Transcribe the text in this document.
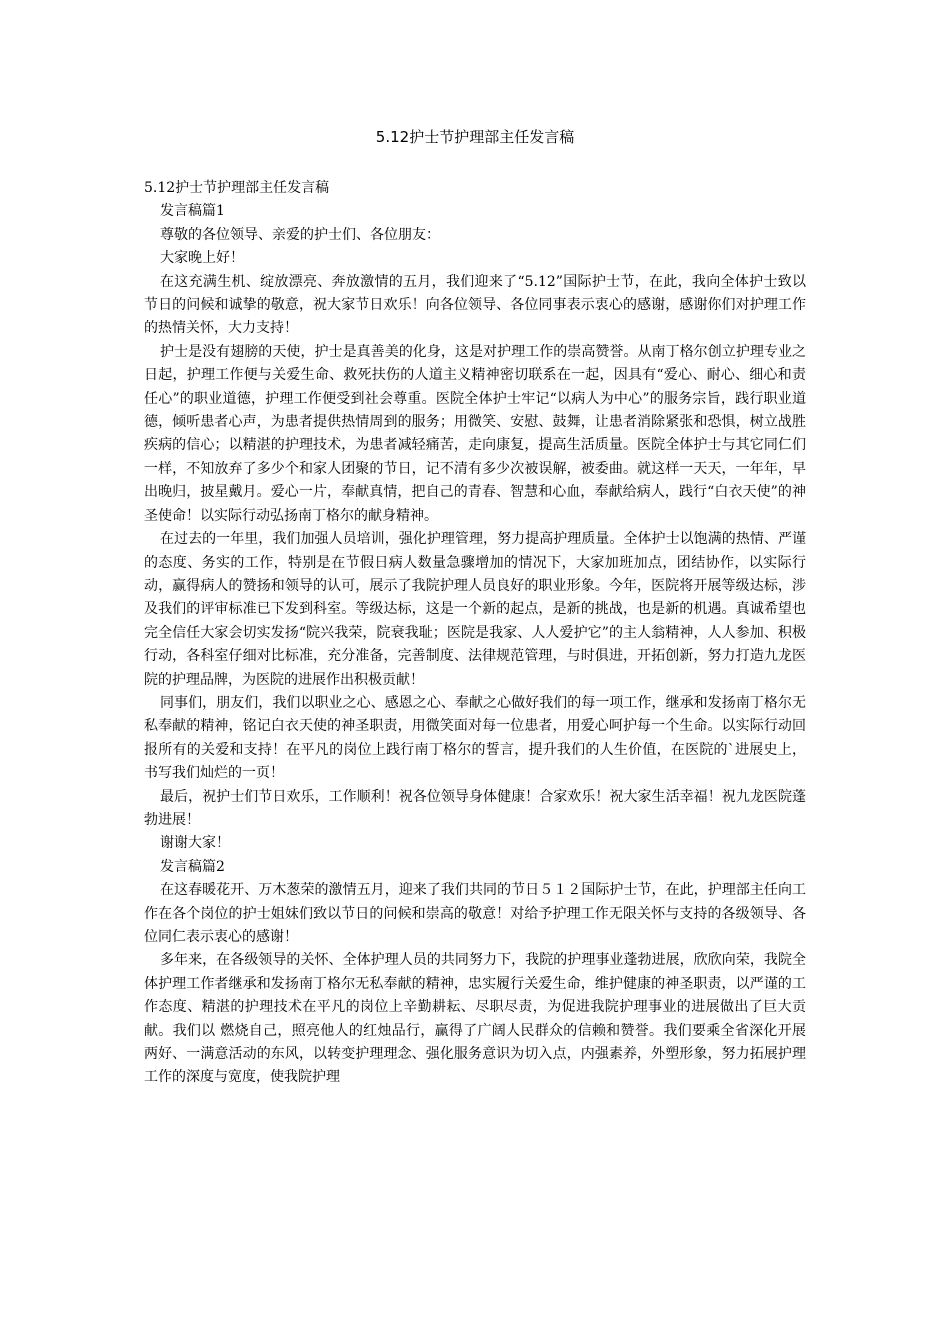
5.12护士节护理部主任发言稿

5.12护士节护理部主任发言稿

发言稿篇1

尊敬的各位领导、亲爱的护士们、各位朋友：

大家晚上好！

在这充满生机、绽放漂亮、奔放激情的五月，我们迎来了“5.12”国际护士节，在此，我向全体护士致以节日的问候和诚挚的敬意，祝大家节日欢乐！向各位领导、各位同事表示衷心的感谢，感谢你们对护理工作的热情关怀，大力支持！

护士是没有翅膀的天使，护士是真善美的化身，这是对护理工作的崇高赞誉。从南丁格尔创立护理专业之日起，护理工作便与关爱生命、救死扶伤的人道主义精神密切联系在一起，因具有“爱心、耐心、细心和责任心”的职业道德，护理工作便受到社会尊重。医院全体护士牢记“以病人为中心”的服务宗旨，践行职业道德，倾听患者心声，为患者提供热情周到的服务；用微笑、安慰、鼓舞，让患者消除紧张和恐惧，树立战胜疾病的信心；以精湛的护理技术，为患者减轻痛苦，走向康复，提高生活质量。医院全体护士与其它同仁们一样，不知放弃了多少个和家人团聚的节日，记不清有多少次被误解，被委曲。就这样一天天，一年年，早出晚归，披星戴月。爱心一片，奉献真情，把自己的青春、智慧和心血，奉献给病人，践行“白衣天使”的神圣使命！以实际行动弘扬南丁格尔的献身精神。

在过去的一年里，我们加强人员培训，强化护理管理，努力提高护理质量。全体护士以饱满的热情、严谨的态度、务实的工作，特别是在节假日病人数量急骤增加的情况下，大家加班加点，团结协作，以实际行动，赢得病人的赞扬和领导的认可，展示了我院护理人员良好的职业形象。今年，医院将开展等级达标，涉及我们的评审标准已下发到科室。等级达标，这是一个新的起点，是新的挑战，也是新的机遇。真诚希望也完全信任大家会切实发扬“院兴我荣，院衰我耻；医院是我家、人人爱护它”的主人翁精神，人人参加、积极行动，各科室仔细对比标准，充分准备，完善制度、法律规范管理，与时俱进，开拓创新，努力打造九龙医院的护理品牌，为医院的进展作出积极贡献！

同事们，朋友们，我们以职业之心、感恩之心、奉献之心做好我们的每一项工作，继承和发扬南丁格尔无私奉献的精神，铭记白衣天使的神圣职责，用微笑面对每一位患者，用爱心呵护每一个生命。以实际行动回报所有的关爱和支持！在平凡的岗位上践行南丁格尔的誓言，提升我们的人生价值，在医院的`进展史上，书写我们灿烂的一页！

最后，祝护士们节日欢乐，工作顺利！祝各位领导身体健康！合家欢乐！祝大家生活幸福！祝九龙医院蓬勃进展！

谢谢大家！

发言稿篇2

在这春暖花开、万木葱荣的激情五月，迎来了我们共同的节日５１２国际护士节，在此，护理部主任向工作在各个岗位的护士姐妹们致以节日的问候和崇高的敬意！对给予护理工作无限关怀与支持的各级领导、各位同仁表示衷心的感谢！

多年来，在各级领导的关怀、全体护理人员的共同努力下，我院的护理事业蓬勃进展，欣欣向荣，我院全体护理工作者继承和发扬南丁格尔无私奉献的精神，忠实履行关爱生命，维护健康的神圣职责，以严谨的工作态度、精湛的护理技术在平凡的岗位上辛勤耕耘、尽职尽责，为促进我院护理事业的进展做出了巨大贡献。我们以 燃烧自己，照亮他人的红烛品行，赢得了广阔人民群众的信赖和赞誉。我们要乘全省深化开展两好、一满意活动的东风，以转变护理理念、强化服务意识为切入点，内强素养，外塑形象，努力拓展护理工作的深度与宽度，使我院护理
